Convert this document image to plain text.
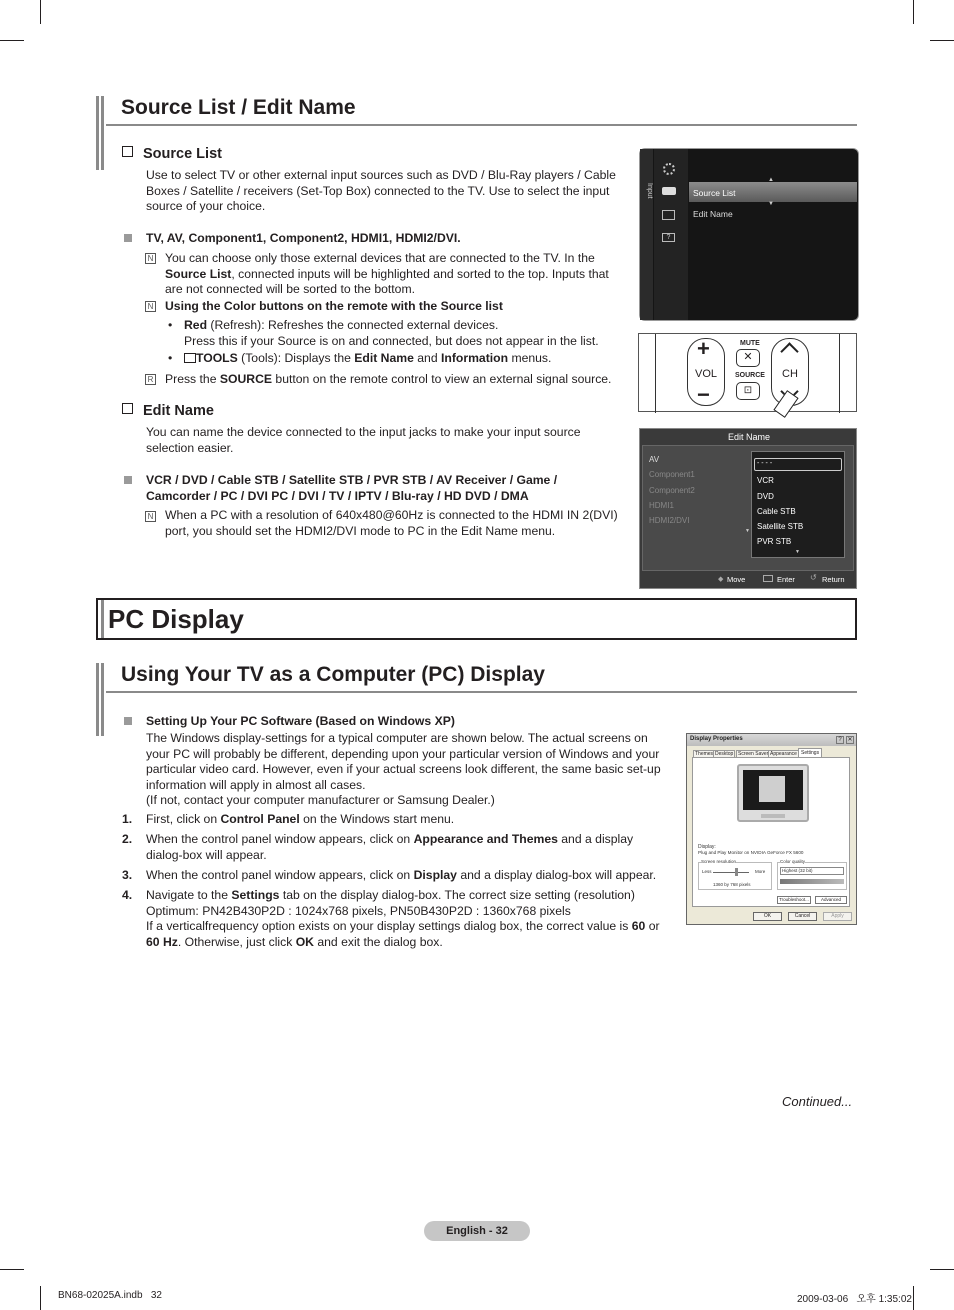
Source List / Edit Name
Source List
Use to select TV or other external input sources such as DVD / Blu-Ray players / Cable
Boxes / Satellite / receivers (Set-Top Box) connected to the TV. Use to select the input
source of your choice.
TV, AV, Component1, Component2, HDMI1, HDMI2/DVI.
N You can choose only those external devices that are connected to the TV. In the
Source List, connected inputs will be highlighted and sorted to the top. Inputs that
are not connected will be sorted to the bottom.
N Using the Color buttons on the remote with the Source list
• Red (Refresh): Refreshes the connected external devices.
Press this if your Source is on and connected, but does not appear in the list.
•	TOOLS (Tools): Displays the Edit Name and Information menus.
R Press the SOURCE button on the remote control to view an external signal source.
Edit Name
You can name the device connected to the input jacks to make your input source
selection easier.
VCR / DVD / Cable STB / Satellite STB / PVR STB / AV Receiver / Game /
Camcorder / PC / DVI PC / DVI / TV / IPTV / Blu-ray / HD DVD / DMA
N When a PC with a resolution of 640x480@60Hz is connected to the HDMI IN 2(DVI)
port, you should set the HDMI2/DVI mode to PC in the Edit Name menu.
Input
?
Source List
Edit Name
▲
▼
+
VOL
−
MUTE
✕
SOURCE
⊡
CH
Edit Name
AV
Component1
Component2
HDMI1
HDMI2/DVI
- - - -
VCR
DVD
Cable STB
Satellite STB
PVR STB
▼
▼
◆ Move	Enter ↺ Return
PC Display
Using Your TV as a Computer (PC) Display
Setting Up Your PC Software (Based on Windows XP)
The Windows display-settings for a typical computer are shown below. The actual screens on
your PC will probably be different, depending upon your particular version of Windows and your
particular video card. However, even if your actual screens look different, the same basic set-up
information will apply in almost all cases.
(If not, contact your computer manufacturer or Samsung Dealer.)
1. First, click on Control Panel on the Windows start menu.
2. When the control panel window appears, click on Appearance and Themes and a display
dialog-box will appear.
3. When the control panel window appears, click on Display and a display dialog-box will appear.
4. Navigate to the Settings tab on the display dialog-box. The correct size setting (resolution)
Optimum: PN42B430P2D : 1024x768 pixels, PN50B430P2D : 1360x768 pixels
If a verticalfrequency option exists on your display settings dialog box, the correct value is 60 or
60 Hz. Otherwise, just click OK and exit the dialog box.
Display Properties	? ✕
Themes Desktop Screen Saver Appearance Settings
Display:
Plug and Play Monitor on NVIDIA GeForce FX 5600
Screen resolution
Less	More
1360 by 768 pixels
Color quality
Highest (32 bit)
Troubleshoot...	Advanced
OK	Cancel	Apply
Continued...
English - 32
BN68-02025A.indb   32	2009-03-06   오후 1:35:02
